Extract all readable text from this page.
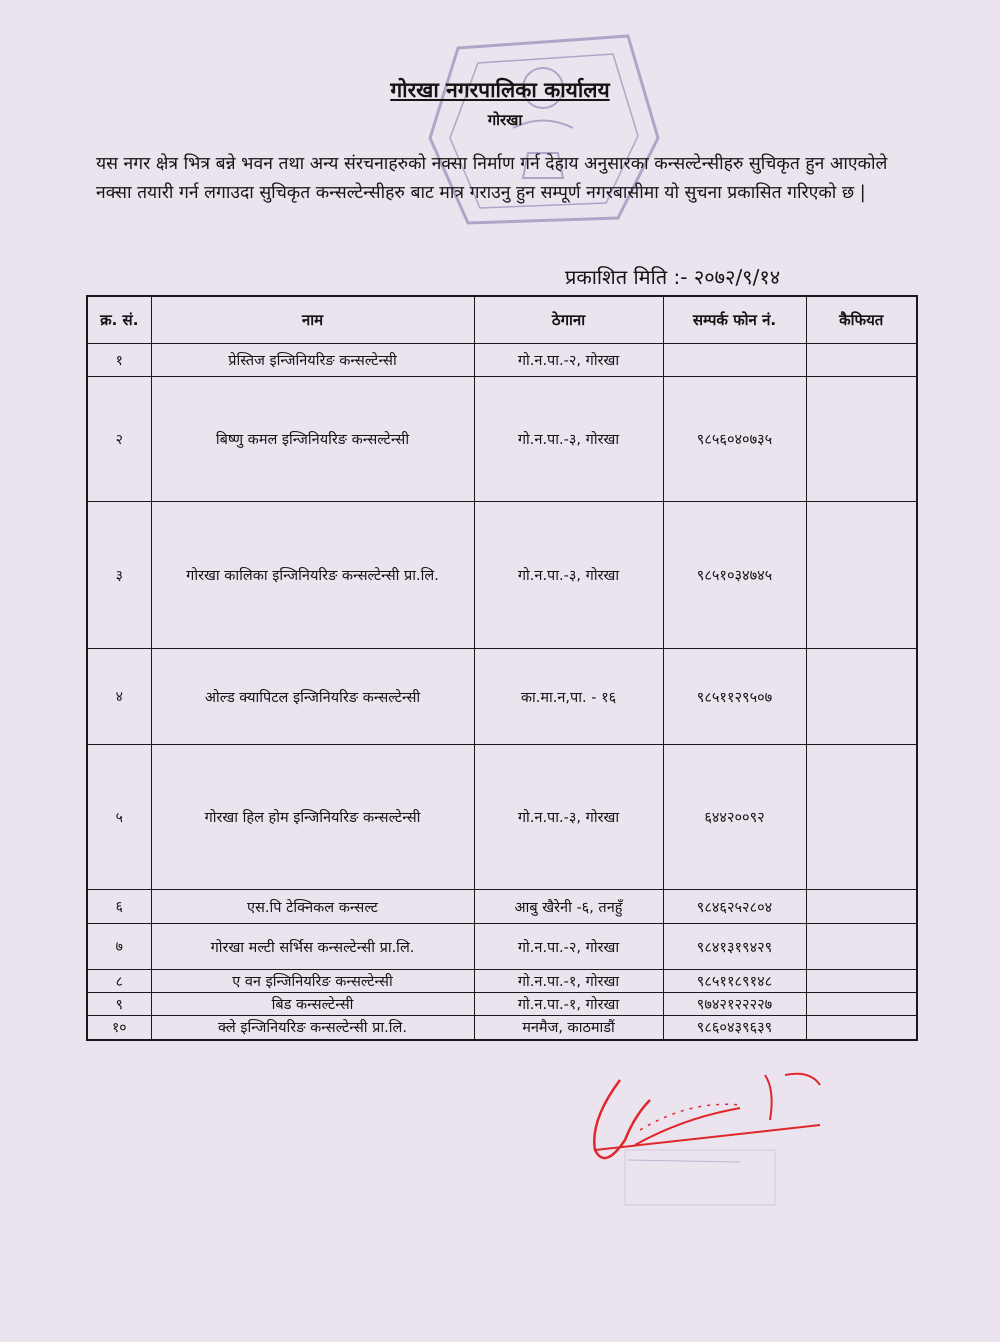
गोरखा नगरपालिका कार्यालय
गोरखा
यस नगर क्षेत्र भित्र बन्ने भवन तथा अन्य संरचनाहरुको नक्सा निर्माण गर्न देहाय अनुसारका कन्सल्टेन्सीहरु सुचिकृत हुन आएकोले नक्सा तयारी गर्न लगाउदा सुचिकृत कन्सल्टेन्सीहरु बाट मात्र गराउनु हुन सम्पूर्ण नगरबासीमा यो सुचना प्रकासित गरिएको छ |
प्रकाशित मिति :- २०७२/९/१४
क्र. सं.	नाम	ठेगाना	सम्पर्क फोन नं.	कैफियत
१	प्रेस्तिज इन्जिनियरिङ कन्सल्टेन्सी	गो.न.पा.-२, गोरखा		
२	बिष्णु कमल इन्जिनियरिङ कन्सल्टेन्सी	गो.न.पा.-३, गोरखा	९८५६०४०७३५	
३	गोरखा कालिका इन्जिनियरिङ कन्सल्टेन्सी प्रा.लि.	गो.न.पा.-३, गोरखा	९८५१०३४७४५	
४	ओल्ड क्यापिटल इन्जिनियरिङ कन्सल्टेन्सी	का.मा.न,पा. - १६	९८५११२९५०७	
५	गोरखा हिल होम इन्जिनियरिङ कन्सल्टेन्सी	गो.न.पा.-३, गोरखा	६४४२००९२	
६	एस.पि टेक्निकल कन्सल्ट	आबु खैरेनी -६, तनहुँ	९८४६२५२८०४	
७	गोरखा मल्टी सर्भिस कन्सल्टेन्सी प्रा.लि.	गो.न.पा.-२, गोरखा	९८४१३१९४२९	
८	ए वन इन्जिनियरिङ कन्सल्टेन्सी	गो.न.पा.-१, गोरखा	९८५११८९१४८	
९	बिड कन्सल्टेन्सी	गो.न.पा.-१, गोरखा	९७४२१२२२२७	
१०	क्ले इन्जिनियरिङ कन्सल्टेन्सी प्रा.लि.	मनमैज, काठमाडौं	९८६०४३९६३९	
